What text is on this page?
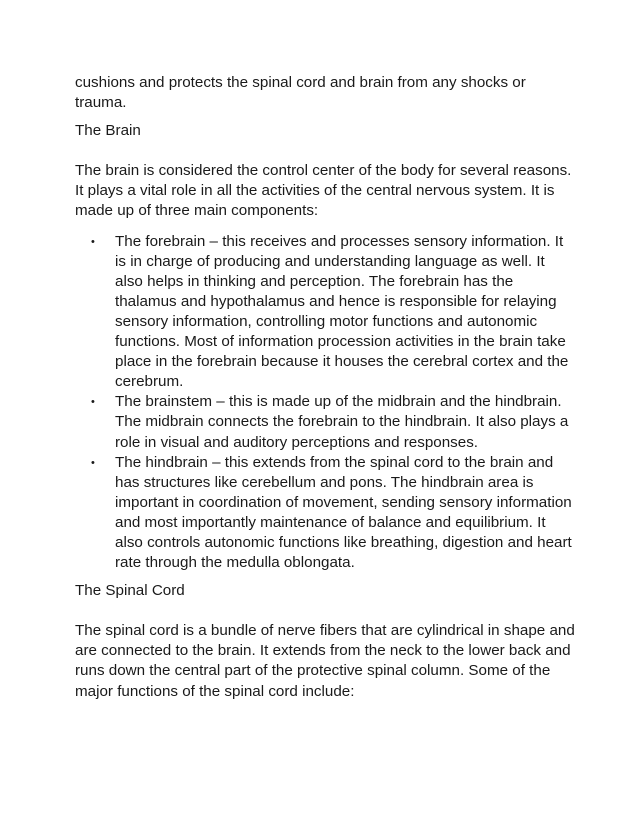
cushions and protects the spinal cord and brain from any shocks or trauma.

The Brain

The brain is considered the control center of the body for several reasons. It plays a vital role in all the activities of the central nervous system. It is made up of three main components:

• The forebrain – this receives and processes sensory information. It is in charge of producing and understanding language as well. It also helps in thinking and perception. The forebrain has the thalamus and hypothalamus and hence is responsible for relaying sensory information, controlling motor functions and autonomic functions. Most of information procession activities in the brain take place in the forebrain because it houses the cerebral cortex and the cerebrum.
• The brainstem – this is made up of the midbrain and the hindbrain. The midbrain connects the forebrain to the hindbrain. It also plays a role in visual and auditory perceptions and responses.
• The hindbrain – this extends from the spinal cord to the brain and has structures like cerebellum and pons. The hindbrain area is important in coordination of movement, sending sensory information and most importantly maintenance of balance and equilibrium. It also controls autonomic functions like breathing, digestion and heart rate through the medulla oblongata.

The Spinal Cord

The spinal cord is a bundle of nerve fibers that are cylindrical in shape and are connected to the brain. It extends from the neck to the lower back and runs down the central part of the protective spinal column. Some of the major functions of the spinal cord include:
